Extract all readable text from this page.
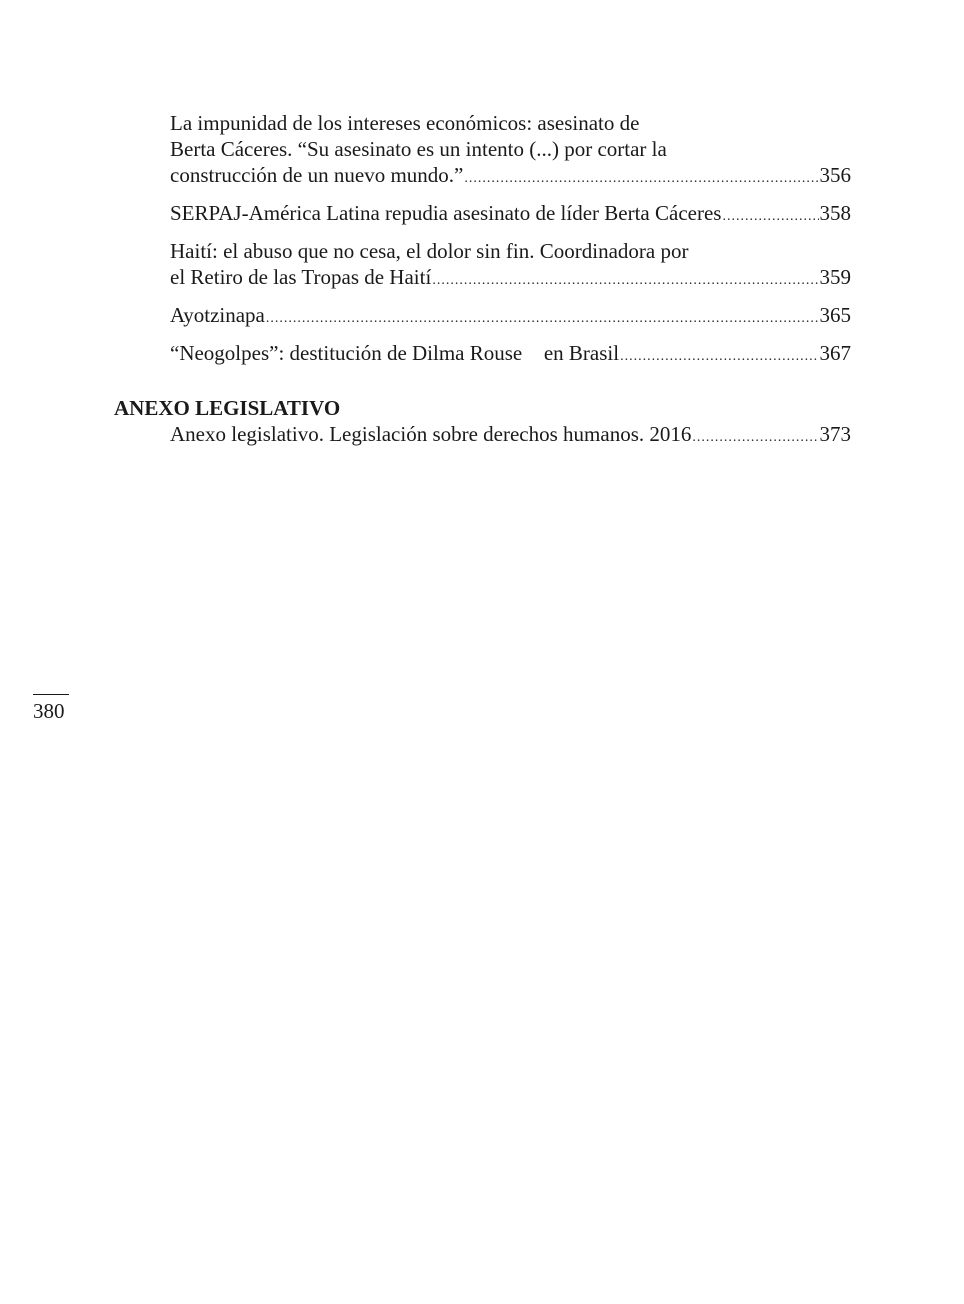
La impunidad de los intereses económicos: asesinato de
Berta Cáceres. “Su asesinato es un intento (...) por cortar la
construcción de un nuevo mundo.” .....	356
SERPAJ-América Latina repudia asesinato de líder Berta Cáceres .....	358
Haití: el abuso que no cesa, el dolor sin fin. Coordinadora por
el Retiro de las Tropas de Haití .....	359
Ayotzinapa .....	365
“Neogolpes”: destitución de Dilma Rouse  en Brasil .....	367
ANEXO LEGISLATIVO
Anexo legislativo. Legislación sobre derechos humanos. 2016 .....	373
380
